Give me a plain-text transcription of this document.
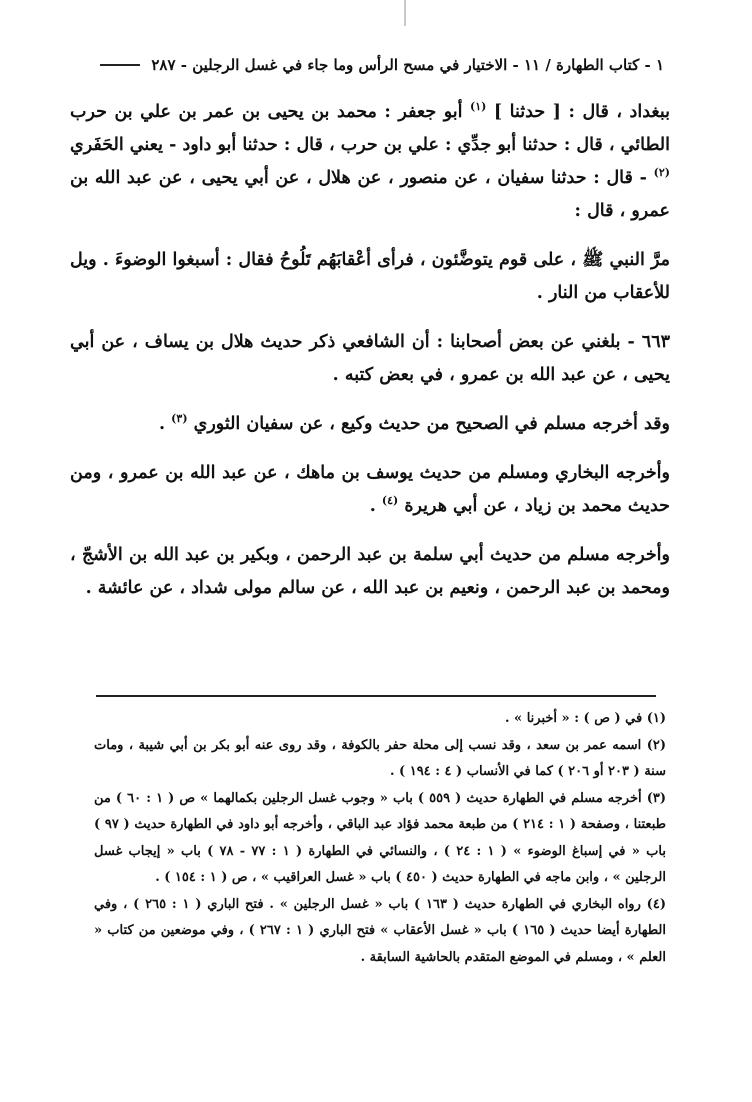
١ - كتاب الطهارة / ١١ - الاختيار في مسح الرأس وما جاء في غسل الرجلين - ٢٨٧

ببغداد ، قال : [ حدثنا ] $^{(١)}$ أبو جعفر : محمد بن يحيى بن عمر بن علي بن حرب الطائي ، قال : حدثنا أبو جدِّي : علي بن حرب ، قال : حدثنا أبو داود - يعني الحَفَري $^{(٢)}$ - قال : حدثنا سفيان ، عن منصور ، عن هلال ، عن أبي يحيى ، عن عبد الله بن عمرو ، قال :

مرَّ النبي ﷺ ، على قوم يتوضَّئون ، فرأى أعْقابَهُم تَلُوحُ فقال : أسبغوا الوضوءَ . ويل للأعقاب من النار .

٦٦٣ - بلغني عن بعض أصحابنا : أن الشافعي ذكر حديث هلال بن يساف ، عن أبي يحيى ، عن عبد الله بن عمرو ، في بعض كتبه .

وقد أخرجه مسلم في الصحيح من حديث وكيع ، عن سفيان الثوري $^{(٣)}$ .

وأخرجه البخاري ومسلم من حديث يوسف بن ماهك ، عن عبد الله بن عمرو ، ومن حديث محمد بن زياد ، عن أبي هريرة $^{(٤)}$ .

وأخرجه مسلم من حديث أبي سلمة بن عبد الرحمن ، وبكير بن عبد الله بن الأشجّ ، ومحمد بن عبد الرحمن ، ونعيم بن عبد الله ، عن سالم مولى شداد ، عن عائشة .

(١) في ( ص ) : « أخبرنا » .

(٢) اسمه عمر بن سعد ، وقد نسب إلى محلة حفر بالكوفة ، وقد روى عنه أبو بكر بن أبي شيبة ، ومات سنة ( ٢٠٣ أو ٢٠٦ ) كما في الأنساب ( ٤ : ١٩٤ ) .

(٣) أخرجه مسلم في الطهارة حديث ( ٥٥٩ ) باب « وجوب غسل الرجلين بكمالهما » ص ( ١ : ٦٠ ) من طبعتنا ، وصفحة ( ١ : ٢١٤ ) من طبعة محمد فؤاد عبد الباقي ، وأخرجه أبو داود في الطهارة حديث ( ٩٧ ) باب « في إسباغ الوضوء » ( ١ : ٢٤ ) ، والنسائي في الطهارة ( ١ : ٧٧ - ٧٨ ) باب « إيجاب غسل الرجلين » ، وابن ماجه في الطهارة حديث ( ٤٥٠ ) باب « غسل العراقيب » ، ص ( ١ : ١٥٤ ) .

(٤) رواه البخاري في الطهارة حديث ( ١٦٣ ) باب « غسل الرجلين » . فتح الباري ( ١ : ٢٦٥ ) ، وفي الطهارة أيضا حديث ( ١٦٥ ) باب « غسل الأعقاب » فتح الباري ( ١ : ٢٦٧ ) ، وفي موضعين من كتاب « العلم » ، ومسلم في الموضع المتقدم بالحاشية السابقة .
